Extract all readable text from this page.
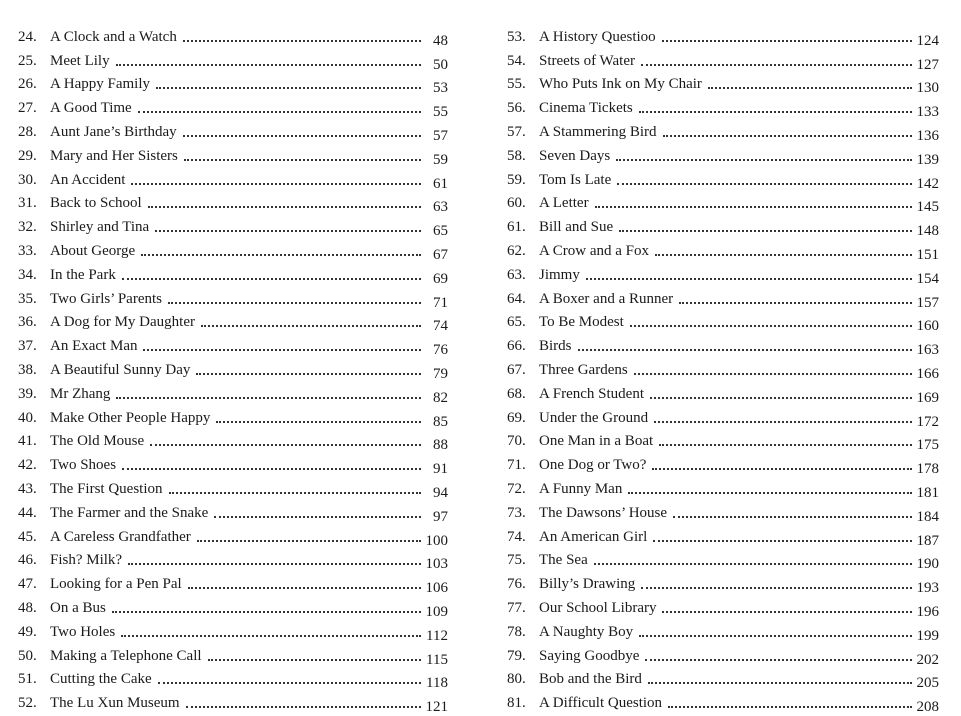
24. A Clock and a Watch	48
25. Meet Lily	50
26. A Happy Family	53
27. A Good Time	55
28. Aunt Jane’s Birthday	57
29. Mary and Her Sisters	59
30. An Accident	61
31. Back to School	63
32. Shirley and Tina	65
33. About George	67
34. In the Park	69
35. Two Girls’ Parents	71
36. A Dog for My Daughter	74
37. An Exact Man	76
38. A Beautiful Sunny Day	79
39. Mr Zhang	82
40. Make Other People Happy	85
41. The Old Mouse	88
42. Two Shoes	91
43. The First Question	94
44. The Farmer and the Snake	97
45. A Careless Grandfather	100
46. Fish? Milk?	103
47. Looking for a Pen Pal	106
48. On a Bus	109
49. Two Holes	112
50. Making a Telephone Call	115
51. Cutting the Cake	118
52. The Lu Xun Museum	121
53. A History Questioo	124
54. Streets of Water	127
55. Who Puts Ink on My Chair	130
56. Cinema Tickets	133
57. A Stammering Bird	136
58. Seven Days	139
59. Tom Is Late	142
60. A Letter	145
61. Bill and Sue	148
62. A Crow and a Fox	151
63. Jimmy	154
64. A Boxer and a Runner	157
65. To Be Modest	160
66. Birds	163
67. Three Gardens	166
68. A French Student	169
69. Under the Ground	172
70. One Man in a Boat	175
71. One Dog or Two?	178
72. A Funny Man	181
73. The Dawsons’ House	184
74. An American Girl	187
75. The Sea	190
76. Billy’s Drawing	193
77. Our School Library	196
78. A Naughty Boy	199
79. Saying Goodbye	202
80. Bob and the Bird	205
81. A Difficult Question	208
